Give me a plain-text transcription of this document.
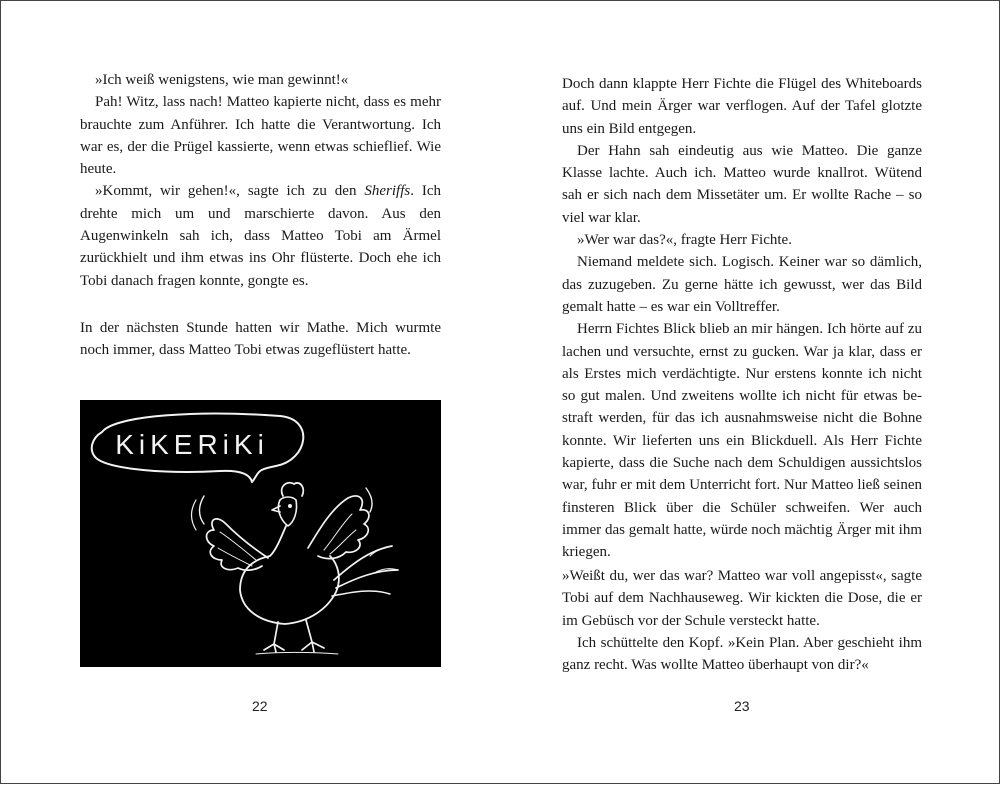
»Ich weiß wenigstens, wie man gewinnt!«

Pah! Witz, lass nach! Matteo kapierte nicht, dass es mehr brauchte zum Anführer. Ich hatte die Verantwortung. Ich war es, der die Prügel kassierte, wenn etwas schieflief. Wie heute.

»Kommt, wir gehen!«, sagte ich zu den Sheriffs. Ich drehte mich um und marschierte davon. Aus den Augenwinkeln sah ich, dass Matteo Tobi am Ärmel zurückhielt und ihm etwas ins Ohr flüsterte. Doch ehe ich Tobi danach fragen konnte, gongte es.

In der nächsten Stunde hatten wir Mathe. Mich wurmte noch immer, dass Matteo Tobi etwas zugeflüstert hatte.

KiKERiKi
22

Doch dann klappte Herr Fichte die Flügel des Whiteboards auf. Und mein Ärger war verflogen. Auf der Tafel glotzte uns ein Bild entgegen.

Der Hahn sah eindeutig aus wie Matteo. Die ganze Klasse lachte. Auch ich. Matteo wurde knallrot. Wütend sah er sich nach dem Missetäter um. Er wollte Rache – so viel war klar.

»Wer war das?«, fragte Herr Fichte.

Niemand meldete sich. Logisch. Keiner war so dämlich, das zuzugeben. Zu gerne hätte ich gewusst, wer das Bild gemalt hatte – es war ein Volltreffer.

Herrn Fichtes Blick blieb an mir hängen. Ich hörte auf zu lachen und versuchte, ernst zu gucken. War ja klar, dass er als Erstes mich verdächtigte. Nur erstens konnte ich nicht so gut malen. Und zweitens wollte ich nicht für etwas bestraft werden, für das ich ausnahmsweise nicht die Bohne konnte. Wir lieferten uns ein Blickduell. Als Herr Fichte kapierte, dass die Suche nach dem Schuldigen aussichtslos war, fuhr er mit dem Unterricht fort. Nur Matteo ließ seinen finsteren Blick über die Schüler schweifen. Wer auch immer das gemalt hatte, würde noch mächtig Ärger mit ihm kriegen.

»Weißt du, wer das war? Matteo war voll angepisst«, sagte Tobi auf dem Nachhauseweg. Wir kickten die Dose, die er im Gebüsch vor der Schule versteckt hatte.

Ich schüttelte den Kopf. »Kein Plan. Aber geschieht ihm ganz recht. Was wollte Matteo überhaupt von dir?«

23
